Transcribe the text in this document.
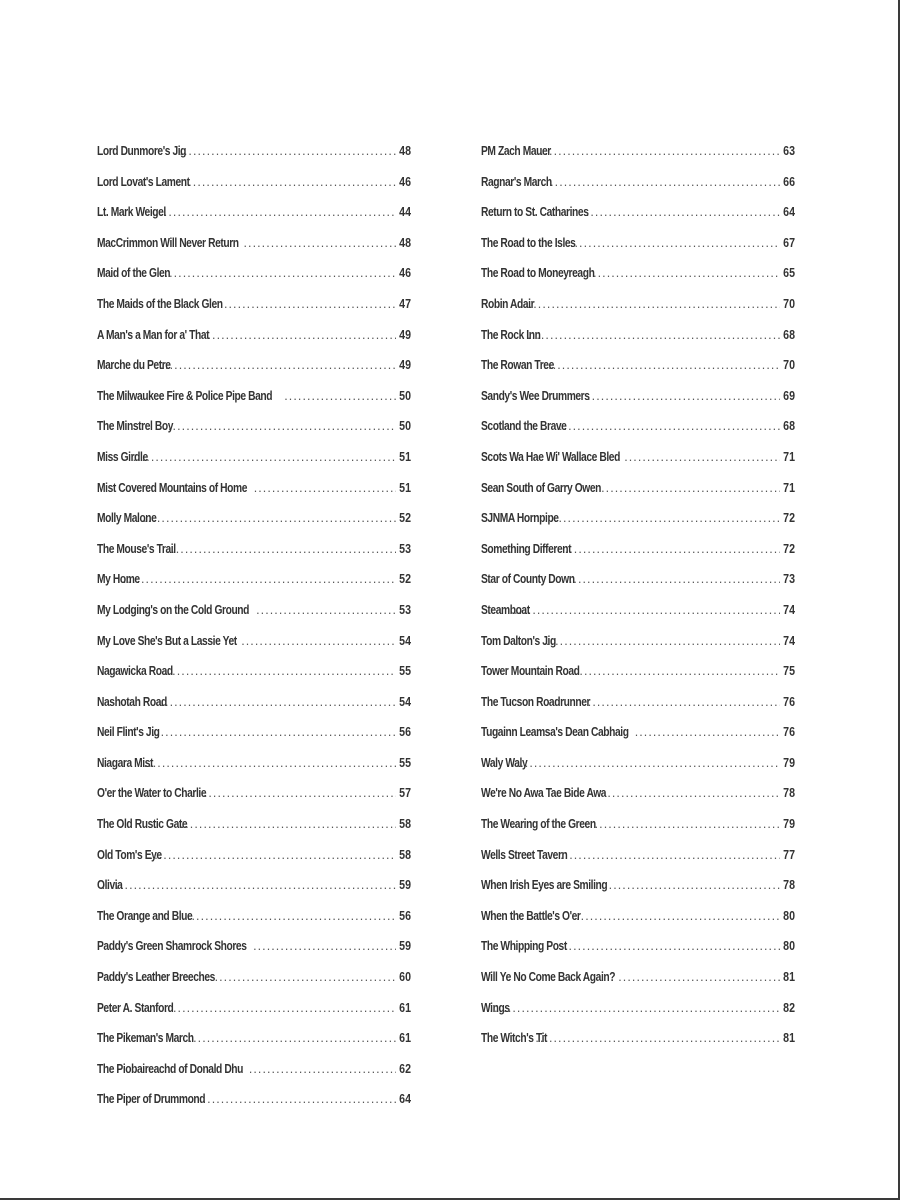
Lord Dunmore's Jig . . .	48
Lord Lovat's Lament . . .	46
Lt. Mark Weigel . . .	44
MacCrimmon Will Never Return . . .	48
Maid of the Glen . . .	46
The Maids of the Black Glen . . .	47
A Man's a Man for a' That . . .	49
Marche du Petre . . .	49
The Milwaukee Fire & Police Pipe Band . . .	50
The Minstrel Boy . . .	50
Miss Girdle . . .	51
Mist Covered Mountains of Home . . .	51
Molly Malone . . .	52
The Mouse's Trail . . .	53
My Home . . .	52
My Lodging's on the Cold Ground . . .	53
My Love She's But a Lassie Yet . . .	54
Nagawicka Road . . .	55
Nashotah Road . . .	54
Neil Flint's Jig . . .	56
Niagara Mist . . .	55
O'er the Water to Charlie . . .	57
The Old Rustic Gate . . .	58
Old Tom's Eye . . .	58
Olivia . . .	59
The Orange and Blue . . .	56
Paddy's Green Shamrock Shores . . .	59
Paddy's Leather Breeches . . .	60
Peter A. Stanford . . .	61
The Pikeman's March . . .	61
The Piobaireachd of Donald Dhu . . .	62
The Piper of Drummond . . .	64
PM Zach Mauer . . .	63
Ragnar's March . . .	66
Return to St. Catharines . . .	64
The Road to the Isles . . .	67
The Road to Moneyreagh . . .	65
Robin Adair . . .	70
The Rock Inn . . .	68
The Rowan Tree . . .	70
Sandy's Wee Drummers . . .	69
Scotland the Brave . . .	68
Scots Wa Hae Wi' Wallace Bled . . .	71
Sean South of Garry Owen . . .	71
SJNMA Hornpipe . . .	72
Something Different . . .	72
Star of County Down . . .	73
Steamboat . . .	74
Tom Dalton's Jig . . .	74
Tower Mountain Road . . .	75
The Tucson Roadrunner . . .	76
Tugainn Leamsa's Dean Cabhaig . . .	76
Waly Waly . . .	79
We're No Awa Tae Bide Awa . . .	78
The Wearing of the Green . . .	79
Wells Street Tavern . . .	77
When Irish Eyes are Smiling . . .	78
When the Battle's O'er . . .	80
The Whipping Post . . .	80
Will Ye No Come Back Again? . . .	81
Wings . . .	82
The Witch's Tit . . .	81
